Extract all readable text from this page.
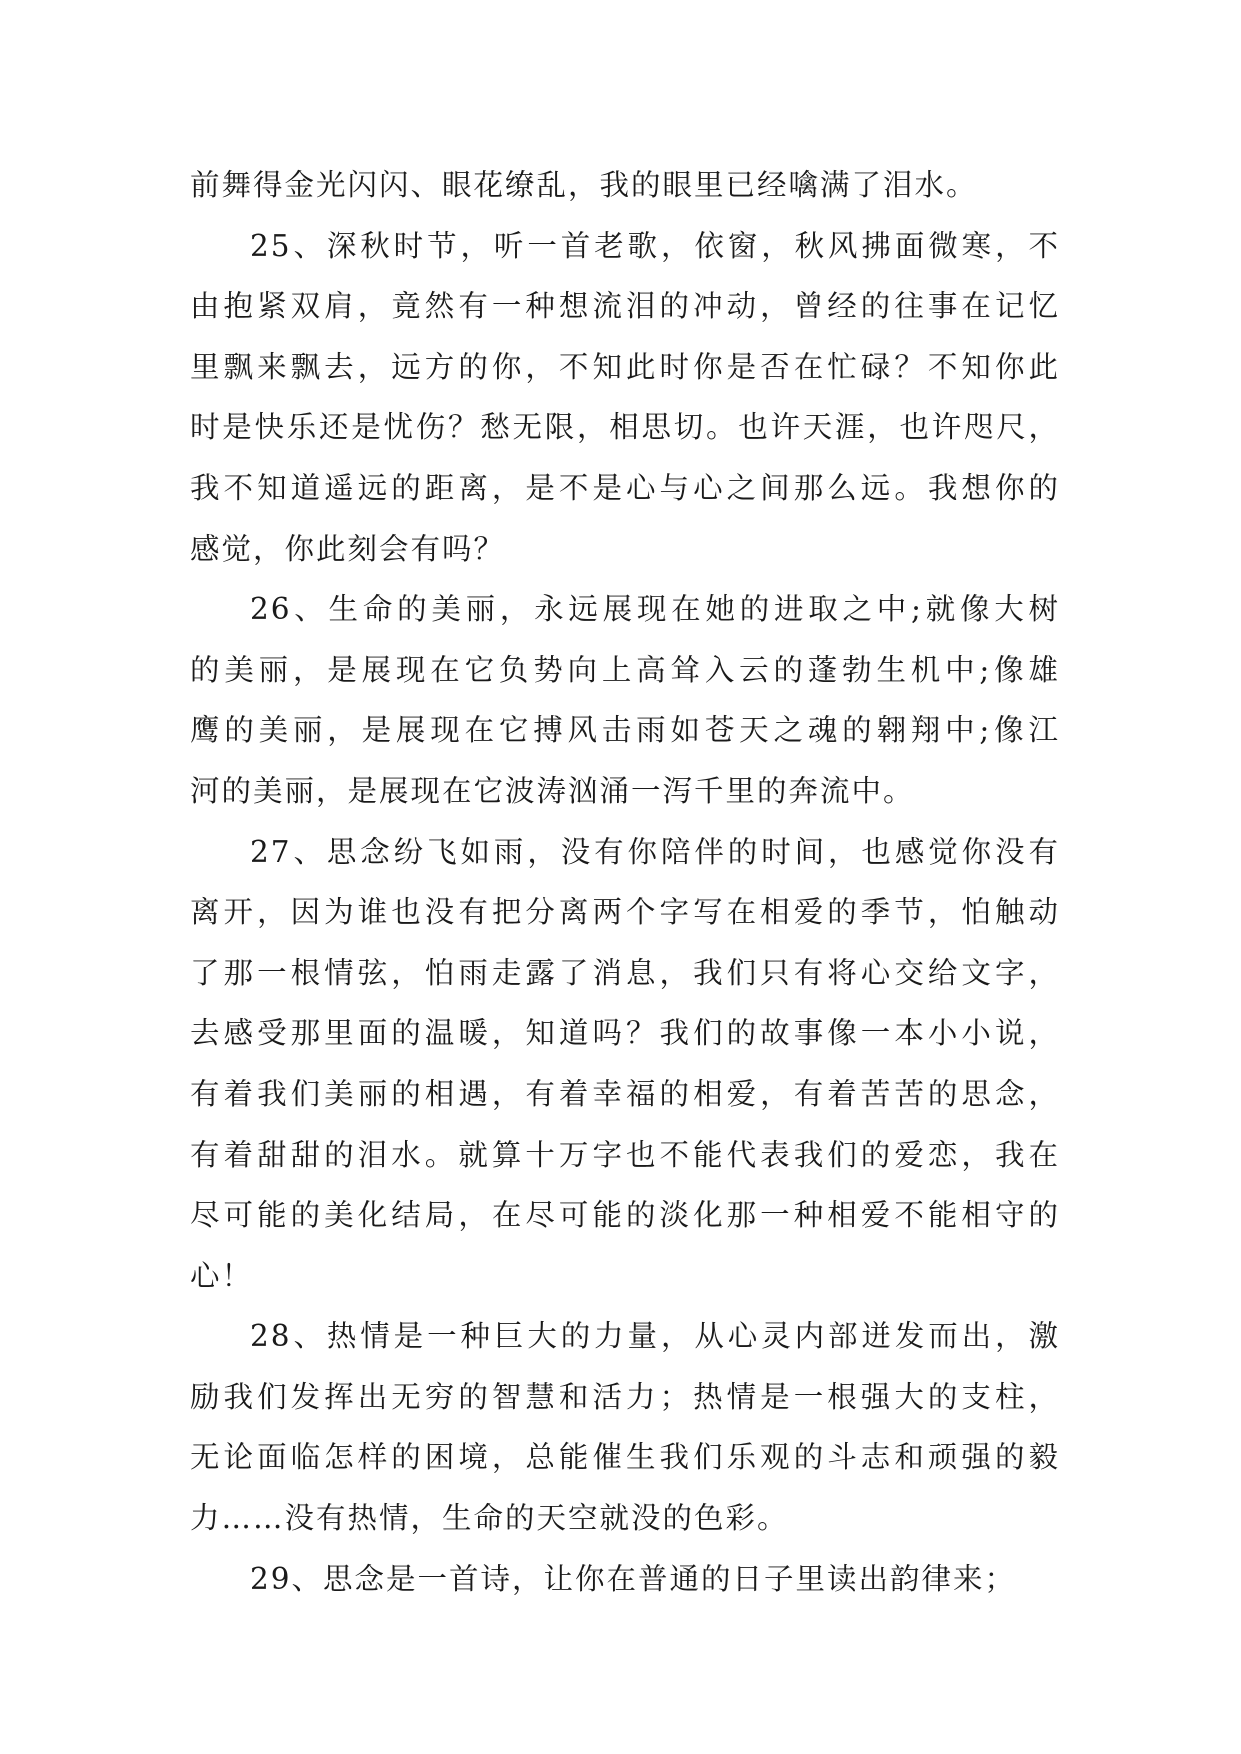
前舞得金光闪闪、眼花缭乱，我的眼里已经噙满了泪水。

25、深秋时节，听一首老歌，依窗，秋风拂面微寒，不
由抱紧双肩，竟然有一种想流泪的冲动，曾经的往事在记忆
里飘来飘去，远方的你，不知此时你是否在忙碌？不知你此
时是快乐还是忧伤？愁无限，相思切。也许天涯，也许咫尺，
我不知道遥远的距离，是不是心与心之间那么远。我想你的
感觉，你此刻会有吗？

26、生命的美丽，永远展现在她的进取之中;就像大树
的美丽，是展现在它负势向上高耸入云的蓬勃生机中;像雄
鹰的美丽，是展现在它搏风击雨如苍天之魂的翱翔中;像江
河的美丽，是展现在它波涛汹涌一泻千里的奔流中。

27、思念纷飞如雨，没有你陪伴的时间，也感觉你没有
离开，因为谁也没有把分离两个字写在相爱的季节，怕触动
了那一根情弦，怕雨走露了消息，我们只有将心交给文字，
去感受那里面的温暖，知道吗？我们的故事像一本小小说，
有着我们美丽的相遇，有着幸福的相爱，有着苦苦的思念，
有着甜甜的泪水。就算十万字也不能代表我们的爱恋，我在
尽可能的美化结局，在尽可能的淡化那一种相爱不能相守的
心！

28、热情是一种巨大的力量，从心灵内部迸发而出，激
励我们发挥出无穷的智慧和活力；热情是一根强大的支柱，
无论面临怎样的困境，总能催生我们乐观的斗志和顽强的毅
力……没有热情，生命的天空就没的色彩。

29、思念是一首诗，让你在普通的日子里读出韵律来；
